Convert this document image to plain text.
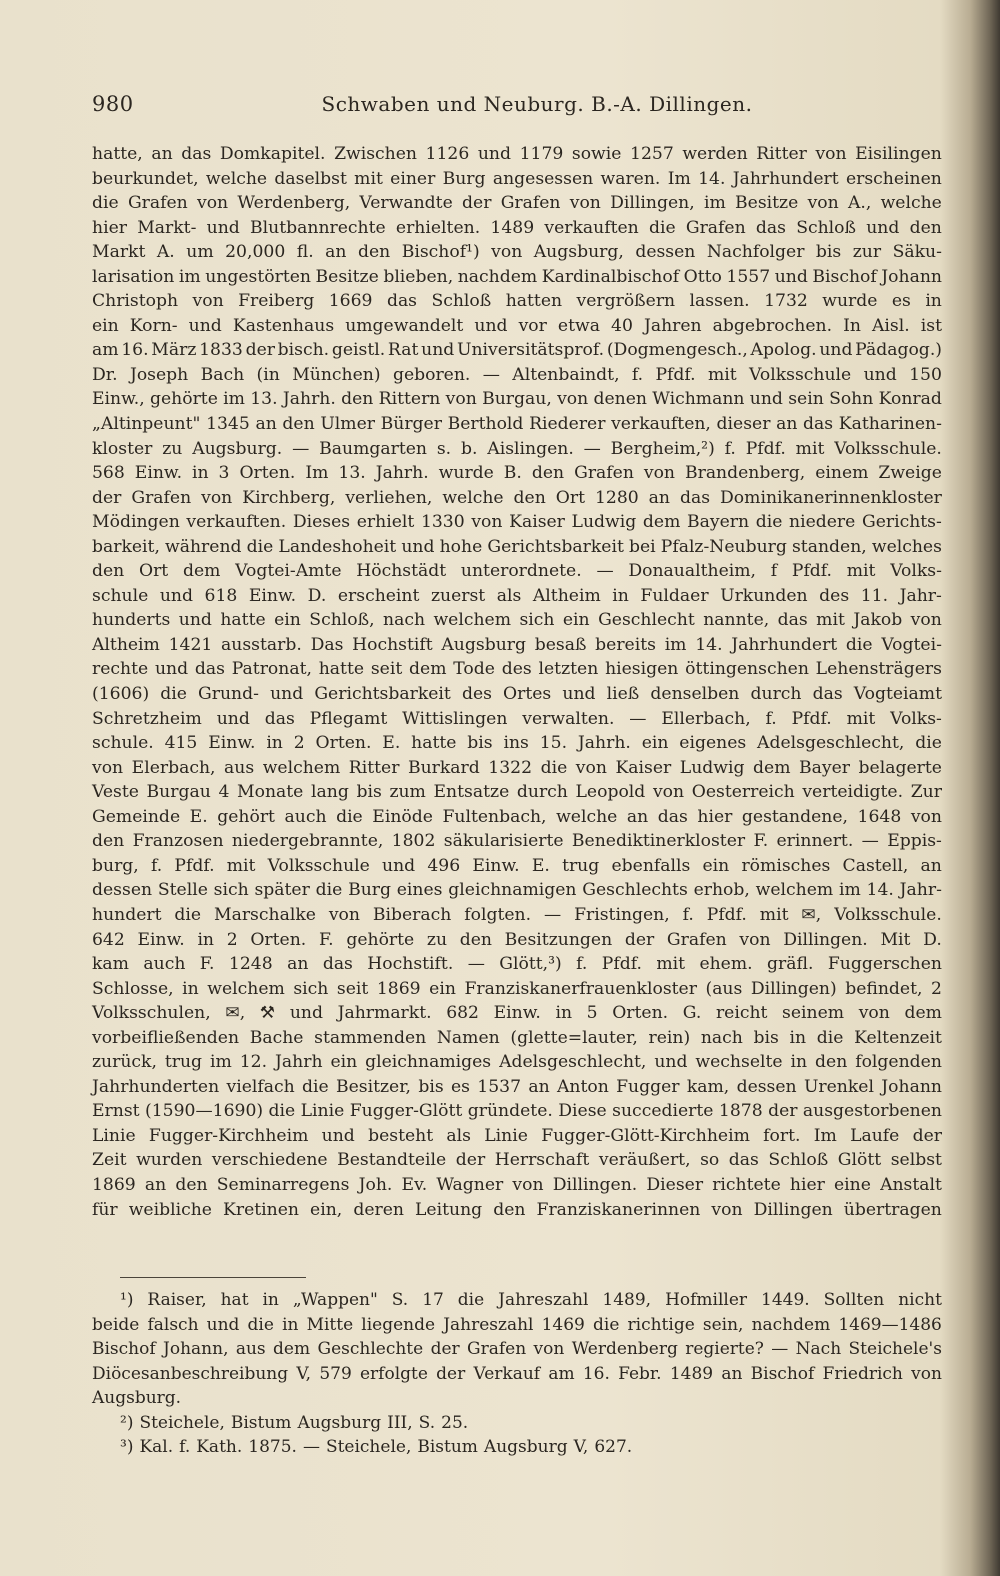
980	Schwaben und Neuburg. B.-A. Dillingen.
hatte, an das Domkapitel. Zwischen 1126 und 1179 sowie 1257 werden Ritter von Eisilingen
beurkundet, welche daselbst mit einer Burg angesessen waren. Im 14. Jahrhundert erscheinen
die Grafen von Werdenberg, Verwandte der Grafen von Dillingen, im Besitze von A., welche
hier Markt- und Blutbannrechte erhielten. 1489 verkauften die Grafen das Schloß und den
Markt A. um 20,000 fl. an den Bischof¹) von Augsburg, dessen Nachfolger bis zur Säku-
larisation im ungestörten Besitze blieben, nachdem Kardinalbischof Otto 1557 und Bischof Johann
Christoph von Freiberg 1669 das Schloß hatten vergrößern lassen. 1732 wurde es in
ein Korn- und Kastenhaus umgewandelt und vor etwa 40 Jahren abgebrochen. In Aisl. ist
am 16. März 1833 der bisch. geistl. Rat und Universitätsprof. (Dogmengesch., Apolog. und Pädagog.)
Dr. Joseph Bach (in München) geboren. — Altenbaindt, f. Pfdf. mit Volksschule und 150
Einw., gehörte im 13. Jahrh. den Rittern von Burgau, von denen Wichmann und sein Sohn Konrad
„Altinpeunt" 1345 an den Ulmer Bürger Berthold Riederer verkauften, dieser an das Katharinen-
kloster zu Augsburg. — Baumgarten s. b. Aislingen. — Bergheim,²) f. Pfdf. mit Volksschule.
568 Einw. in 3 Orten. Im 13. Jahrh. wurde B. den Grafen von Brandenberg, einem Zweige
der Grafen von Kirchberg, verliehen, welche den Ort 1280 an das Dominikanerinnenkloster
Mödingen verkauften. Dieses erhielt 1330 von Kaiser Ludwig dem Bayern die niedere Gerichts-
barkeit, während die Landeshoheit und hohe Gerichtsbarkeit bei Pfalz-Neuburg standen, welches
den Ort dem Vogtei-Amte Höchstädt unterordnete. — Donaualtheim, f Pfdf. mit Volks-
schule und 618 Einw. D. erscheint zuerst als Altheim in Fuldaer Urkunden des 11. Jahr-
hunderts und hatte ein Schloß, nach welchem sich ein Geschlecht nannte, das mit Jakob von
Altheim 1421 ausstarb. Das Hochstift Augsburg besaß bereits im 14. Jahrhundert die Vogtei-
rechte und das Patronat, hatte seit dem Tode des letzten hiesigen öttingenschen Lehensträgers
(1606) die Grund- und Gerichtsbarkeit des Ortes und ließ denselben durch das Vogteiamt
Schretzheim und das Pflegamt Wittislingen verwalten. — Ellerbach, f. Pfdf. mit Volks-
schule. 415 Einw. in 2 Orten. E. hatte bis ins 15. Jahrh. ein eigenes Adelsgeschlecht, die
von Elerbach, aus welchem Ritter Burkard 1322 die von Kaiser Ludwig dem Bayer belagerte
Veste Burgau 4 Monate lang bis zum Entsatze durch Leopold von Oesterreich verteidigte. Zur
Gemeinde E. gehört auch die Einöde Fultenbach, welche an das hier gestandene, 1648 von
den Franzosen niedergebrannte, 1802 säkularisierte Benediktinerkloster F. erinnert. — Eppis-
burg, f. Pfdf. mit Volksschule und 496 Einw. E. trug ebenfalls ein römisches Castell, an
dessen Stelle sich später die Burg eines gleichnamigen Geschlechts erhob, welchem im 14. Jahr-
hundert die Marschalke von Biberach folgten. — Fristingen, f. Pfdf. mit ✉, Volksschule.
642 Einw. in 2 Orten. F. gehörte zu den Besitzungen der Grafen von Dillingen. Mit D.
kam auch F. 1248 an das Hochstift. — Glött,³) f. Pfdf. mit ehem. gräfl. Fuggerschen
Schlosse, in welchem sich seit 1869 ein Franziskanerfrauenkloster (aus Dillingen) befindet, 2
Volksschulen, ✉, ⚒ und Jahrmarkt. 682 Einw. in 5 Orten. G. reicht seinem von dem
vorbeifließenden Bache stammenden Namen (glette=lauter, rein) nach bis in die Keltenzeit
zurück, trug im 12. Jahrh ein gleichnamiges Adelsgeschlecht, und wechselte in den folgenden
Jahrhunderten vielfach die Besitzer, bis es 1537 an Anton Fugger kam, dessen Urenkel Johann
Ernst (1590—1690) die Linie Fugger-Glött gründete. Diese succedierte 1878 der ausgestorbenen
Linie Fugger-Kirchheim und besteht als Linie Fugger-Glött-Kirchheim fort. Im Laufe der
Zeit wurden verschiedene Bestandteile der Herrschaft veräußert, so das Schloß Glött selbst
1869 an den Seminarregens Joh. Ev. Wagner von Dillingen. Dieser richtete hier eine Anstalt
für weibliche Kretinen ein, deren Leitung den Franziskanerinnen von Dillingen übertragen
¹) Raiser, hat in „Wappen" S. 17 die Jahreszahl 1489, Hofmiller 1449. Sollten nicht
beide falsch und die in Mitte liegende Jahreszahl 1469 die richtige sein, nachdem 1469—1486
Bischof Johann, aus dem Geschlechte der Grafen von Werdenberg regierte? — Nach Steichele's
Diöcesanbeschreibung V, 579 erfolgte der Verkauf am 16. Febr. 1489 an Bischof Friedrich von
Augsburg.
²) Steichele, Bistum Augsburg III, S. 25.
³) Kal. f. Kath. 1875. — Steichele, Bistum Augsburg V, 627.
